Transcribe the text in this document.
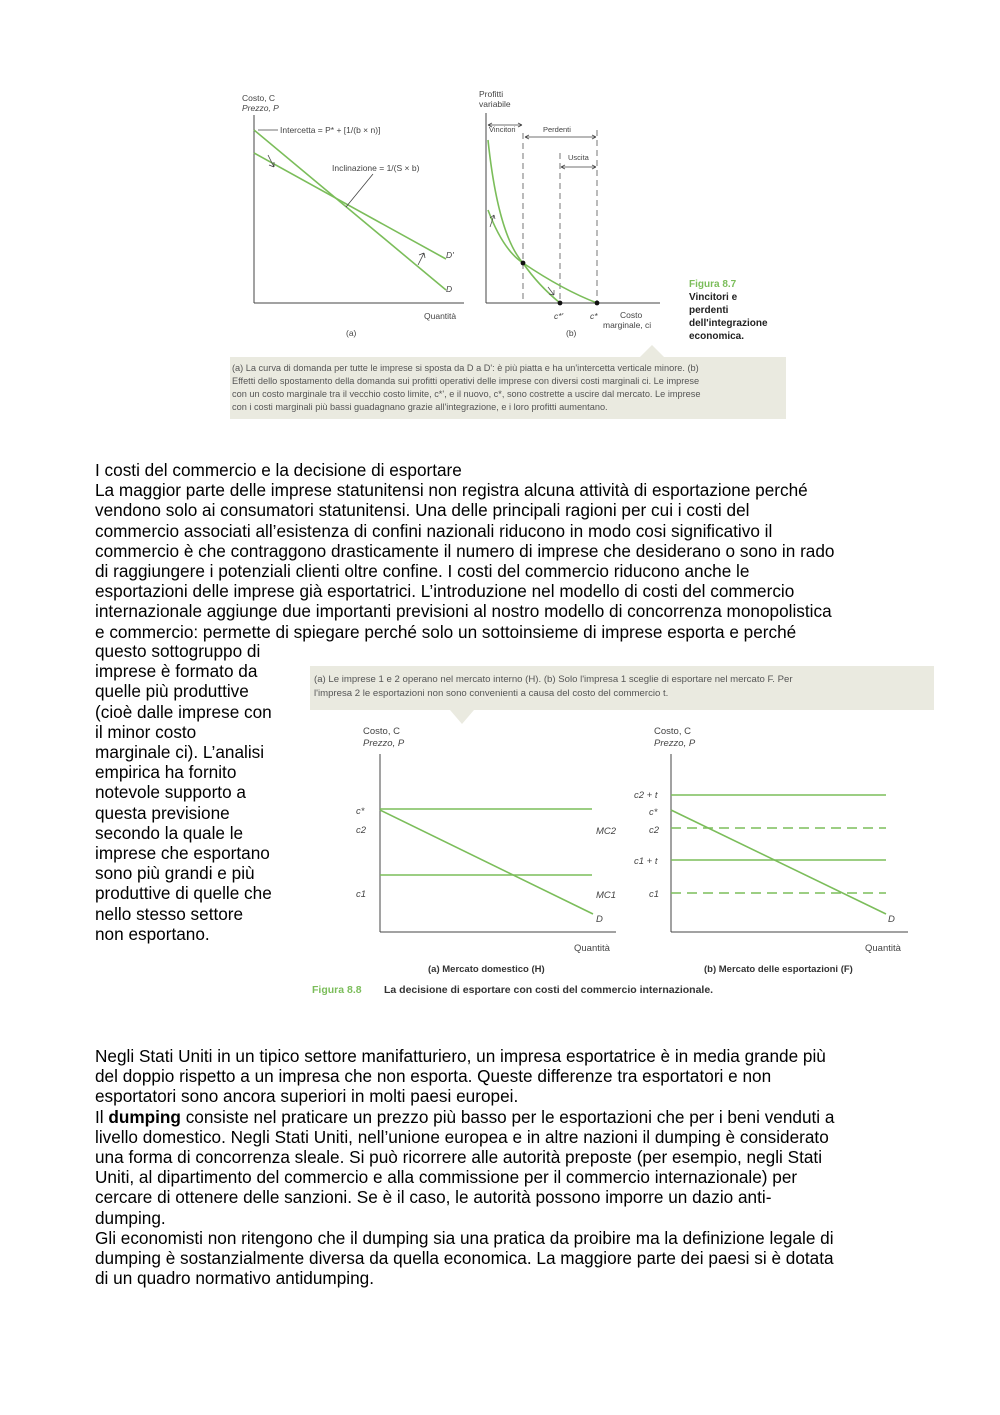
Costo, C
Prezzo, P
Intercetta = P* + [1/(b × n)]
Inclinazione = 1/(S × b)
D'
D
Quantità
(a)
Profitti
variabile
Vincitori	Perdenti
Uscita
c*'	c*	Costo
marginale, ci
(b)
Figura 8.7
Vincitori e
perdenti
dell'integrazione
economica.
(a) La curva di domanda per tutte le imprese si sposta da D a D': è più piatta e ha un'intercetta verticale minore. (b)
Effetti dello spostamento della domanda sui profitti operativi delle imprese con diversi costi marginali ci. Le imprese
con un costo marginale tra il vecchio costo limite, c*', e il nuovo, c*, sono costrette a uscire dal mercato. Le imprese
con i costi marginali più bassi guadagnano grazie all'integrazione, e i loro profitti aumentano.

I costi del commercio e la decisione di esportare

La maggior parte delle imprese statunitensi non registra alcuna attività di esportazione perché

vendono solo ai consumatori statunitensi. Una delle principali ragioni per cui i costi del

commercio associati all’esistenza di confini nazionali riducono in modo cosi significativo il

commercio è che contraggono drasticamente il numero di imprese che desiderano o sono in rado

di raggiungere i potenziali clienti oltre confine. I costi del commercio riducono anche le

esportazioni delle imprese già esportatrici. L’introduzione nel modello di costi del commercio

internazionale aggiunge due importanti previsioni al nostro modello di concorrenza monopolistica

e commercio: permette di spiegare perché solo un sottoinsieme di imprese esporta e perché

questo sottogruppo di

imprese è formato da

quelle più produttive

(cioè dalle imprese con

il minor costo

marginale ci). L’analisi

empirica ha fornito

notevole supporto a

questa previsione

secondo la quale le

imprese che esportano

sono più grandi e più

produttive di quelle che

nello stesso settore

non esportano.

(a) Le imprese 1 e 2 operano nel mercato interno (H). (b) Solo l'impresa 1 sceglie di esportare nel mercato F. Per
l'impresa 2 le esportazioni non sono convenienti a causa del costo del commercio t.
Costo, C
Prezzo, P
c*
c2
c1
MC2
MC1
D
Quantità
(a) Mercato domestico (H)
Costo, C
Prezzo, P
c2 + t
c*
c2
c1 + t
c1
D
Quantità
(b) Mercato delle esportazioni (F)
Figura 8.8 La decisione di esportare con costi del commercio internazionale.

Negli Stati Uniti in un tipico settore manifatturiero, un impresa esportatrice è in media grande più

del doppio rispetto a un impresa che non esporta. Queste differenze tra esportatori e non

esportatori sono ancora superiori in molti paesi europei.

Il dumping consiste nel praticare un prezzo più basso per le esportazioni che per i beni venduti a

livello domestico. Negli Stati Uniti, nell’unione europea e in altre nazioni il dumping è considerato

una forma di concorrenza sleale. Si può ricorrere alle autorità preposte (per esempio, negli Stati

Uniti, al dipartimento del commercio e alla commissione per il commercio internazionale) per

cercare di ottenere delle sanzioni. Se è il caso, le autorità possono imporre un dazio anti-

dumping.

Gli economisti non ritengono che il dumping sia una pratica da proibire ma la definizione legale di

dumping è sostanzialmente diversa da quella economica. La maggiore parte dei paesi si è dotata

di un quadro normativo antidumping.
